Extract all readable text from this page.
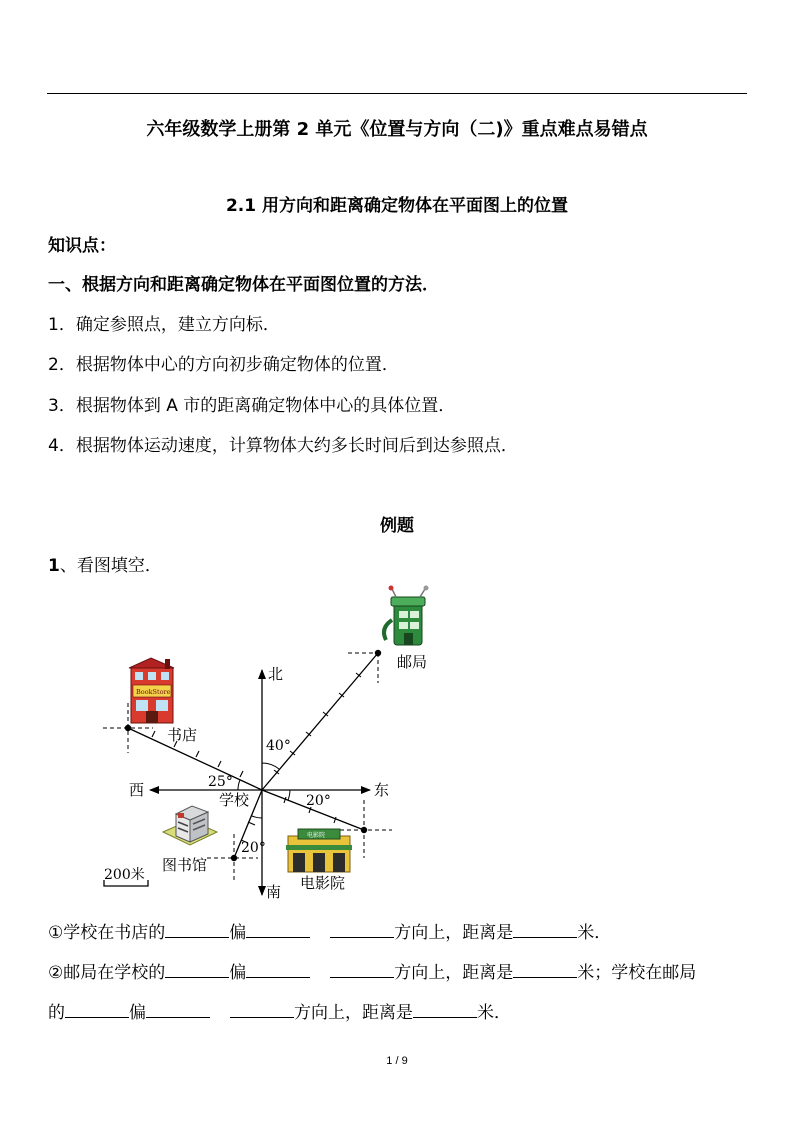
六年级数学上册第 2 单元《位置与方向（二)》重点难点易错点
2.1 用方向和距离确定物体在平面图上的位置
知识点：
一、根据方向和距离确定物体在平面图位置的方法．
1．确定参照点，建立方向标．
2．根据物体中心的方向初步确定物体的位置．
3．根据物体到 A 市的距离确定物体中心的具体位置．
4．根据物体运动速度，计算物体大约多长时间后到达参照点．
例题
1、看图填空．
北
南
东
西
学校
书店
邮局
图书馆
电影院
40°
25°
20°
20°
200米
BookStore
电影院
①学校在书店的	偏	方向上，距离是	米．
②邮局在学校的	偏	方向上，距离是	米；学校在邮局
的	偏	方向上，距离是	米．
1 / 9
